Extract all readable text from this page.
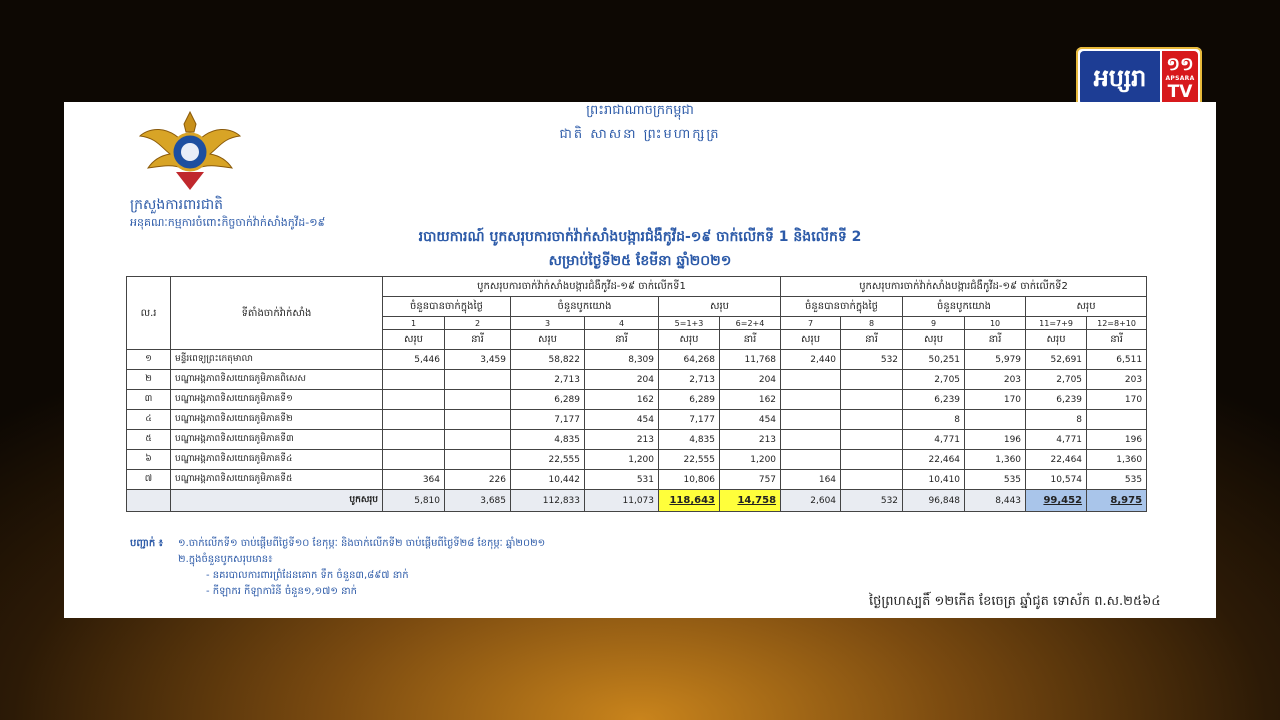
អប្សរា	១១
APSARA
TV
ព្រះរាជាណាចក្រកម្ពុជា
ជាតិ សាសនា ព្រះមហាក្សត្រ
ក្រសួងការពារជាតិ
អនុគណៈកម្មការចំពោះកិច្ចចាក់វ៉ាក់សាំងកូវីដ-១៩
របាយការណ៍ បូកសរុបការចាក់វ៉ាក់សាំងបង្ការជំងឺកូវីដ-១៩ ចាក់លើកទី 1 និងលើកទី 2
សម្រាប់ថ្ងៃទី២៥ ខែមីនា ឆ្នាំ២០២១
ល.រ	ទីតាំងចាក់វ៉ាក់សាំង	បូកសរុបការចាក់វ៉ាក់សាំងបង្ការជំងឺកូវីដ-១៩ ចាក់លើកទី1						បូកសរុបការចាក់វ៉ាក់សាំងបង្ការជំងឺកូវីដ-១៩ ចាក់លើកទី2					
		ចំនួនបានចាក់ក្នុងថ្ងៃ		ចំនួនបូកយោង		សរុប		ចំនួនបានចាក់ក្នុងថ្ងៃ		ចំនួនបូកយោង		សរុប	
		1	2	3	4	5=1+3	6=2+4	7	8	9	10	11=7+9	12=8+10
		សរុប	នារី	សរុប	នារី	សរុប	នារី	សរុប	នារី	សរុប	នារី	សរុប	នារី
១	មន្ទីរពេទ្យព្រះកេតុមាលា	5,446	3,459	58,822	8,309	64,268	11,768	2,440	532	50,251	5,979	52,691	6,511
២	បណ្ឌាអង្គភាពទិសយោធភូមិភាគពិសេស			2,713	204	2,713	204			2,705	203	2,705	203
៣	បណ្ឌាអង្គភាពទិសយោធភូមិភាគទី១			6,289	162	6,289	162			6,239	170	6,239	170
៤	បណ្ឌាអង្គភាពទិសយោធភូមិភាគទី២			7,177	454	7,177	454			8		8	
៥	បណ្ឌាអង្គភាពទិសយោធភូមិភាគទី៣			4,835	213	4,835	213			4,771	196	4,771	196
៦	បណ្ឌាអង្គភាពទិសយោធភូមិភាគទី៤			22,555	1,200	22,555	1,200			22,464	1,360	22,464	1,360
៧	បណ្ឌាអង្គភាពទិសយោធភូមិភាគទី៥	364	226	10,442	531	10,806	757	164		10,410	535	10,574	535
	បូកសរុប	5,810	3,685	112,833	11,073	118,643	14,758	2,604	532	96,848	8,443	99,452	8,975
បញ្ជាក់ ៖ ១.ចាក់លើកទី១ ចាប់ផ្តើមពីថ្ងៃទី១០ ខែកុម្ភៈ និងចាក់លើកទី២ ចាប់ផ្តើមពីថ្ងៃទី២៨ ខែកុម្ភៈ ឆ្នាំ២០២១
២.ក្នុងចំនួនបូកសរុបមាន៖
- នគរបាលការពារព្រំដែនគោក ទឹក ចំនួន៣,៨៩៧ នាក់
- កីឡាករ កីឡាការិនី ចំនួន១,១៧១ នាក់
ថ្ងៃព្រហស្បតិ៍ ១២កើត ខែចេត្រ ឆ្នាំជូត ទោស័ក ព.ស.២៥៦៤
